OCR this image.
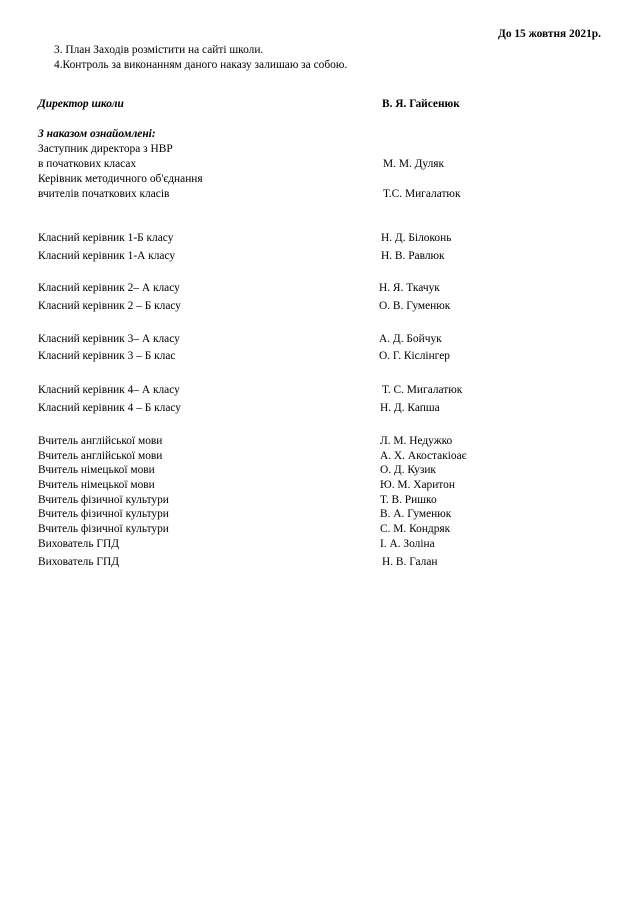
До 15 жовтня 2021р.
3. План Заходів розмістити на сайті школи.
4.Контроль за виконанням даного наказу залишаю за собою.
Директор школи	В. Я. Гайсенюк
З наказом ознайомлені:
Заступник директора з НВР
в початкових класах	М. М. Дуляк
Керівник методичного об'єднання
вчителів початкових класів	Т.С. Мигалатюк
Класний керівник 1-Б класу	Н. Д. Білоконь
Класний керівник 1-А класу	Н. В. Равлюк
Класний керівник 2– А класу	Н. Я. Ткачук
Класний керівник 2 – Б класу	О. В. Гуменюк
Класний керівник 3– А класу	А. Д. Бойчук
Класний керівник 3 – Б клас	О. Г. Кіслінгер
Класний керівник 4– А класу	Т. С. Мигалатюк
Класний керівник 4 – Б класу	Н. Д. Капша
Вчитель англійської мови	Л. М. Недужко
Вчитель англійської мови	А. Х. Акостакіоає
Вчитель німецької мови	О. Д. Кузик
Вчитель німецької мови	Ю. М. Харитон
Вчитель фізичної культури	Т. В. Ришко
Вчитель фізичної культури	В. А. Гуменюк
Вчитель фізичної культури	С. М. Кондряк
Вихователь ГПД	І. А. Золіна
Вихователь ГПД	Н. В. Галан
